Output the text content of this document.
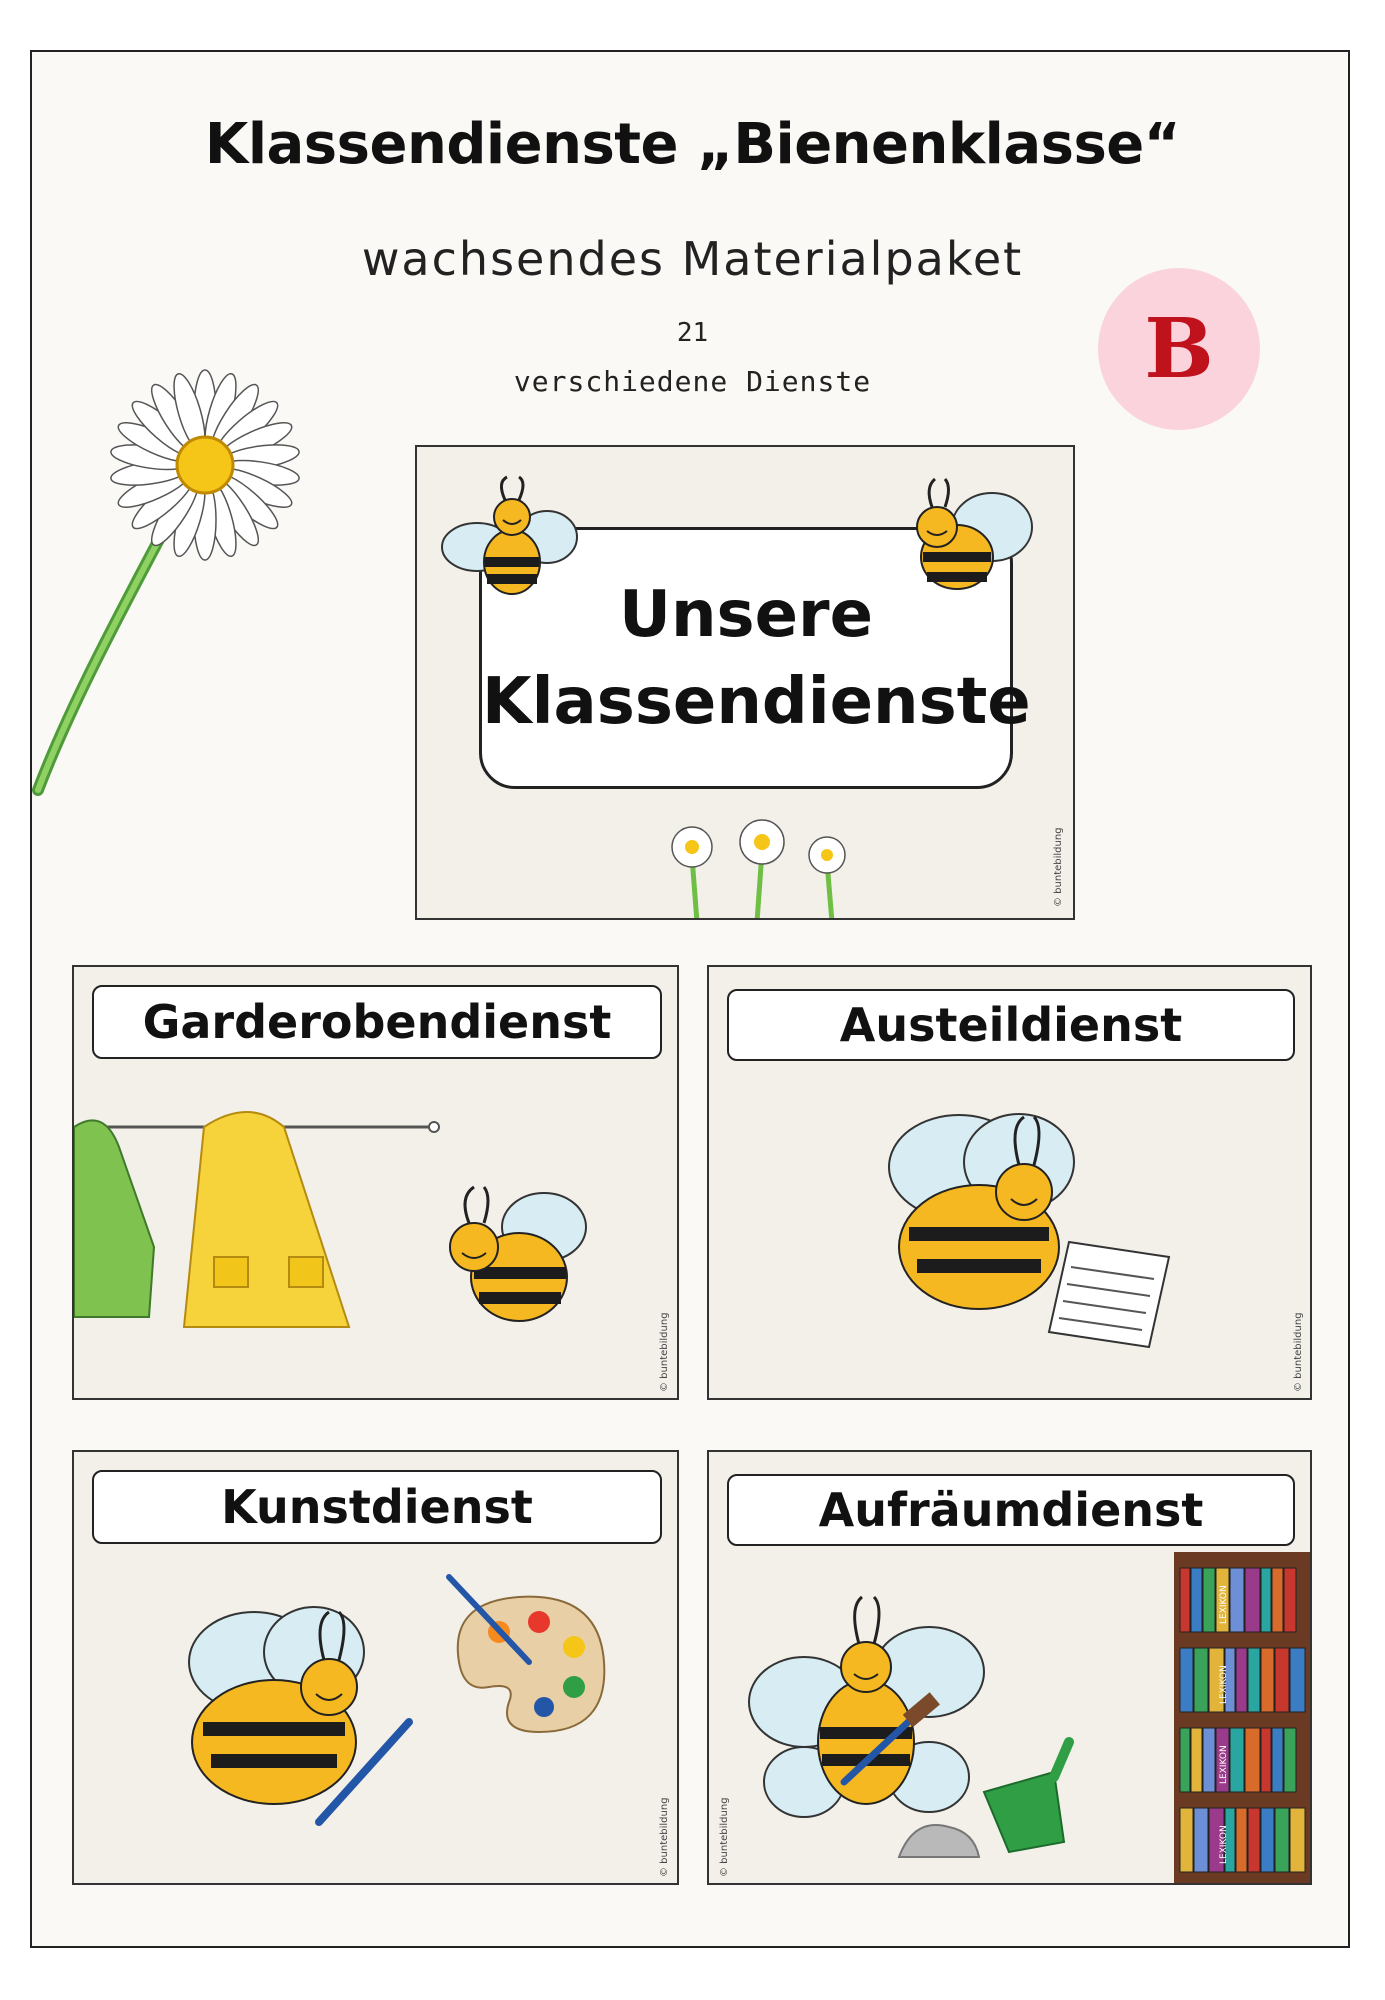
Klassendienste „Bienenklasse“
wachsendes Materialpaket
21
verschiedene Dienste	B
Unsere
Klassendienste
© buntebildung
Garderobendienst
© buntebildung
Austeildienst
© buntebildung
Kunstdienst
© buntebildung
Aufräumdienst
LEXIKON
LEXIKON
LEXIKON
LEXIKON
© buntebildung
